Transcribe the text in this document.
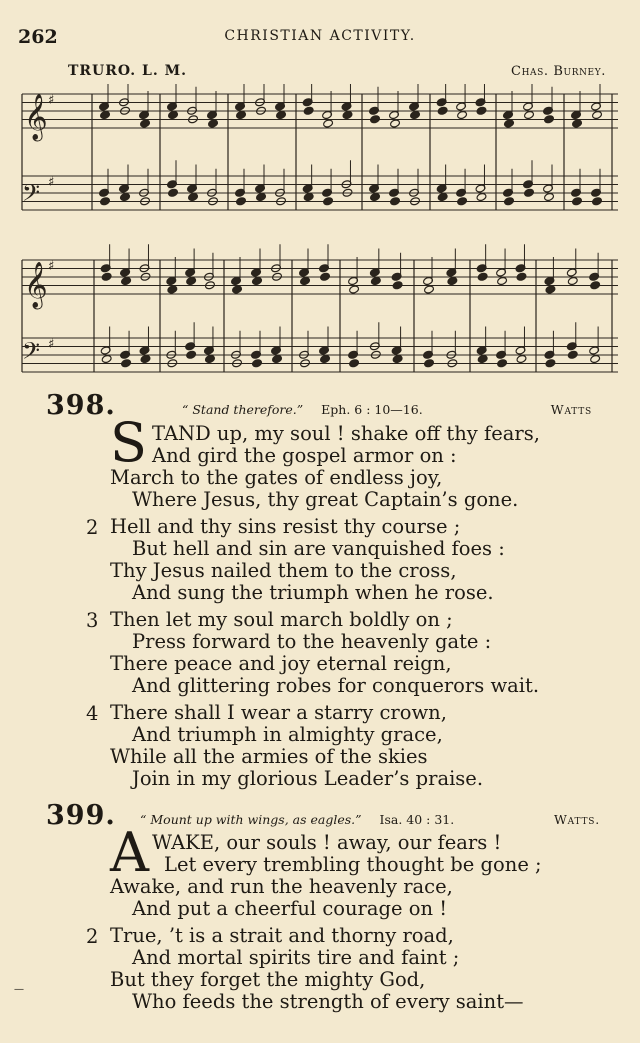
262	CHRISTIAN ACTIVITY.
TRURO. L. M.	Chas. Burney.
𝄞
𝄢
𝄞
𝄢
♯
♯
♯
♯
398.	“ Stand therefore.” Eph. 6 : 10—16.	Watts
S TAND up, my soul ! shake off thy fears,
And gird the gospel armor on :
March to the gates of endless joy,
Where Jesus, thy great Captain’s gone.
2 Hell and thy sins resist thy course ;
But hell and sin are vanquished foes :
Thy Jesus nailed them to the cross,
And sung the triumph when he rose.
3 Then let my soul march boldly on ;
Press forward to the heavenly gate :
There peace and joy eternal reign,
And glittering robes for conquerors wait.
4 There shall I wear a starry crown,
And triumph in almighty grace,
While all the armies of the skies
Join in my glorious Leader’s praise.
399. “ Mount up with wings, as eagles.” Isa. 40 : 31.	Watts.
A WAKE, our souls ! away, our fears !
Let every trembling thought be gone ;
Awake, and run the heavenly race,
And put a cheerful courage on !
2 True, ’t is a strait and thorny road,
And mortal spirits tire and faint ;
But they forget the mighty God,
Who feeds the strength of every saint—
—
